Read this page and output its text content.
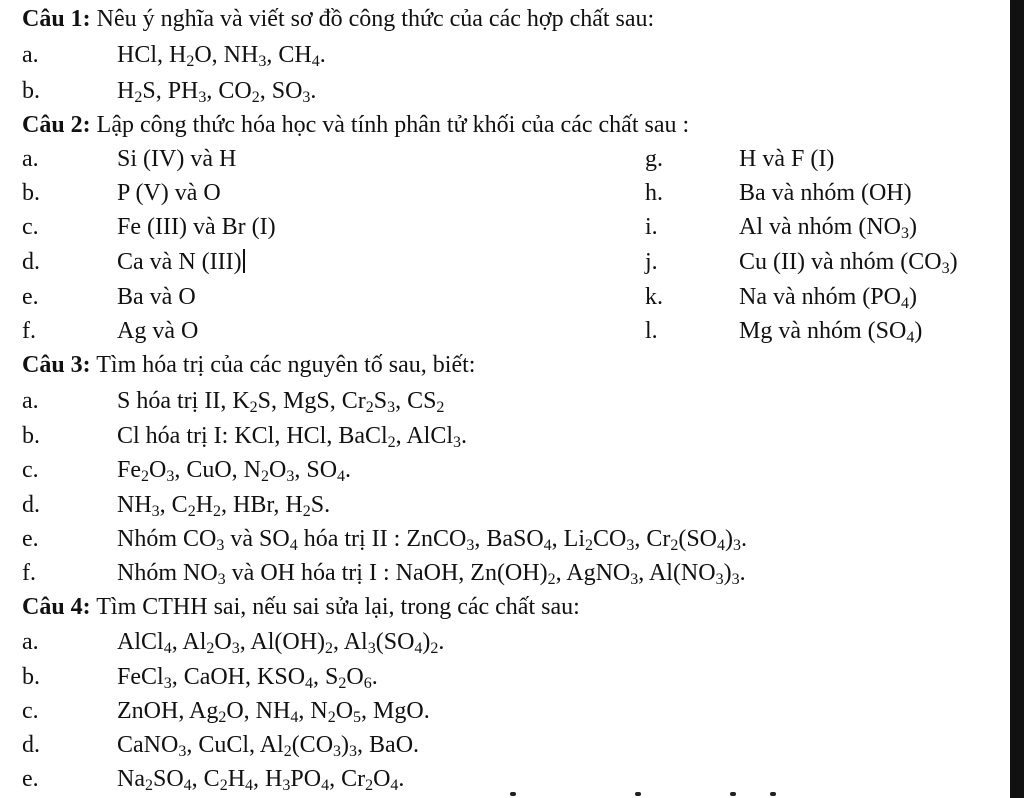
Câu 1: Nêu ý nghĩa và viết sơ đồ công thức của các hợp chất sau:
a.	HCl, $H_2O$, $NH_3$, $CH_4$.
b.	$H_2S$, $PH_3$, $CO_2$, $SO_3$.
Câu 2: Lập công thức hóa học và tính phân tử khối của các chất sau :
a.	Si (IV) và H	g.	H và F (I)
b.	P (V) và O	h.	Ba và nhóm (OH)
c.	Fe (III) và Br (I)	i.	Al và nhóm $(NO_3)$
d.	Ca và N (III)	j.	Cu (II) và nhóm $(CO_3)$
e.	Ba và O	k.	Na và nhóm $(PO_4)$
f.	Ag và O	l.	Mg và nhóm $(SO_4)$
Câu 3: Tìm hóa trị của các nguyên tố sau, biết:
a.	S hóa trị II, $K_2S$, MgS, $Cr_2S_3$, $CS_2$
b.	Cl hóa trị I: KCl, HCl, BaCl$_2$, AlCl$_3$.
c.	$Fe_2O_3$, CuO, $N_2O_3$, $SO_4$.
d.	$NH_3$, $C_2H_2$, HBr, $H_2S$.
e.	Nhóm $CO_3$ và $SO_4$ hóa trị II : ZnCO$_3$, BaSO$_4$, $Li_2CO_3$, $Cr_2(SO_4)_3$.
f.	Nhóm $NO_3$ và OH hóa trị I : NaOH, $Zn(OH)_2$, AgNO$_3$, $Al(NO_3)_3$.
Câu 4: Tìm CTHH sai, nếu sai sửa lại, trong các chất sau:
a.	AlCl$_4$, $Al_2O_3$, $Al(OH)_2$, $Al_3(SO_4)_2$.
b.	FeCl$_3$, CaOH, $KSO_4$, $S_2O_6$.
c.	ZnOH, $Ag_2O$, $NH_4$, $N_2O_5$, MgO.
d.	CaNO$_3$, CuCl, $Al_2(CO_3)_3$, BaO.
e.	$Na_2SO_4$, $C_2H_4$, $H_3PO_4$, $Cr_2O_4$.
